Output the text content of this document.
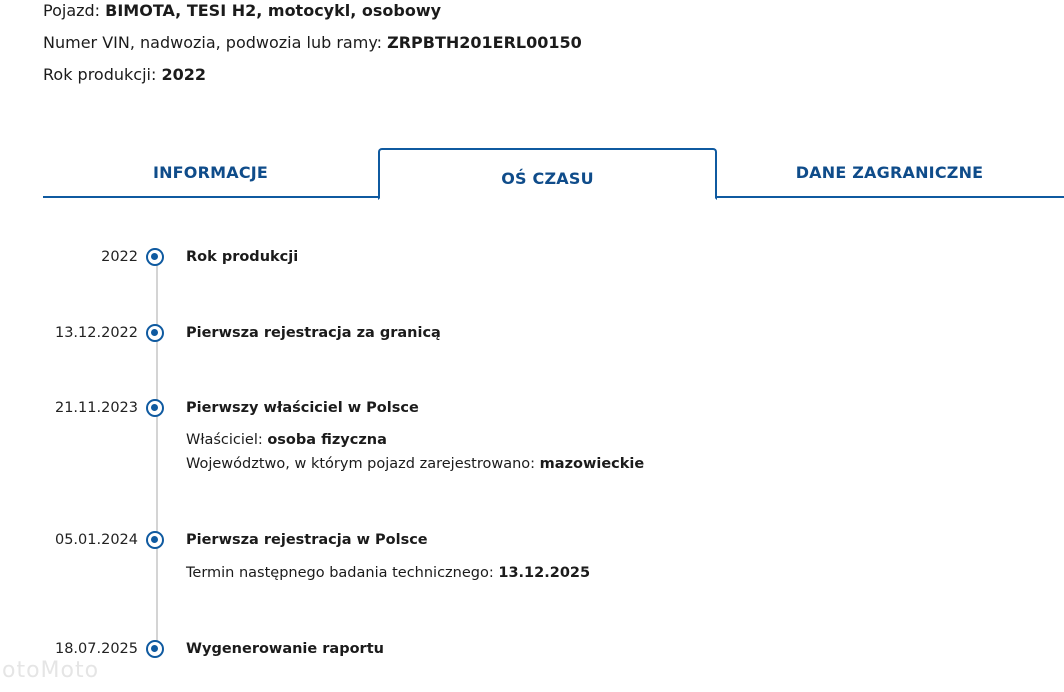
Pojazd: BIMOTA, TESI H2, motocykl, osobowy
Numer VIN, nadwozia, podwozia lub ramy: ZRPBTH201ERL00150
Rok produkcji: 2022
INFORMACJE	OŚ CZASU	DANE ZAGRANICZNE
2022	Rok produkcji
13.12.2022	Pierwsza rejestracja za granicą
21.11.2023	Pierwszy właściciel w Polsce
Właściciel: osoba fizyczna
Województwo, w którym pojazd zarejestrowano: mazowieckie
05.01.2024	Pierwsza rejestracja w Polsce
Termin następnego badania technicznego: 13.12.2025
18.07.2025	Wygenerowanie raportu
otoMoto
